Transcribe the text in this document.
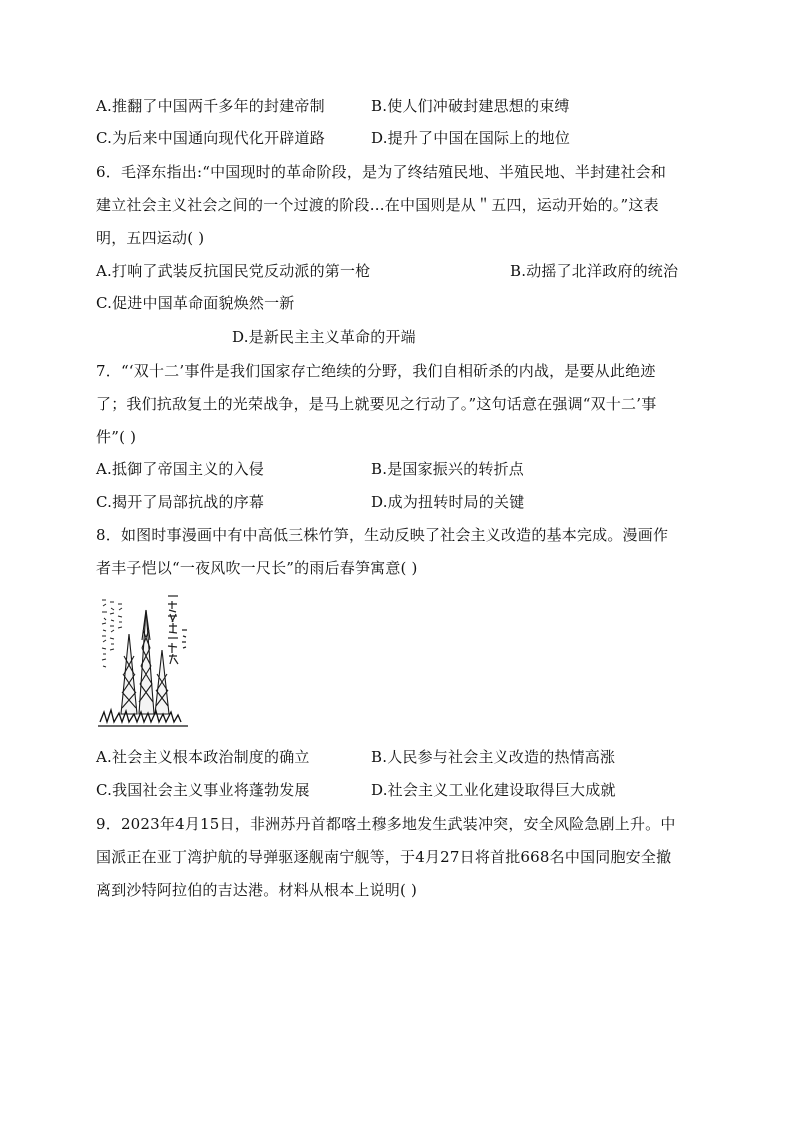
A.推翻了中国两千多年的封建帝制	B.使人们冲破封建思想的束缚
C.为后来中国通向现代化开辟道路	D.提升了中国在国际上的地位
6．毛泽东指出:“中国现时的革命阶段，是为了终结殖民地、半殖民地、半封建社会和
建立社会主义社会之间的一个过渡的阶段…在中国则是从＂五四，运动开始的。”这表
明，五四运动( )
A.打响了武装反抗国民党反动派的第一枪	B.动摇了北洋政府的统治
C.促进中国革命面貌焕然一新
D.是新民主主义革命的开端
7．“‘双十二’事件是我们国家存亡绝续的分野，我们自相斫杀的内战，是要从此绝迹
了；我们抗敌复土的光荣战争，是马上就要见之行动了。”这句话意在强调“双十二’事
件”( )
A.抵御了帝国主义的入侵	B.是国家振兴的转折点
C.揭开了局部抗战的序幕	D.成为扭转时局的关键
8．如图时事漫画中有中高低三株竹笋，生动反映了社会主义改造的基本完成。漫画作
者丰子恺以“一夜风吹一尺长”的雨后春笋寓意( )
A.社会主义根本政治制度的确立	B.人民参与社会主义改造的热情高涨
C.我国社会主义事业将蓬勃发展	D.社会主义工业化建设取得巨大成就
9．2023年4月15日，非洲苏丹首都喀土穆多地发生武装冲突，安全风险急剧上升。中
国派正在亚丁湾护航的导弹驱逐舰南宁舰等，于4月27日将首批668名中国同胞安全撤
离到沙特阿拉伯的吉达港。材料从根本上说明( )
